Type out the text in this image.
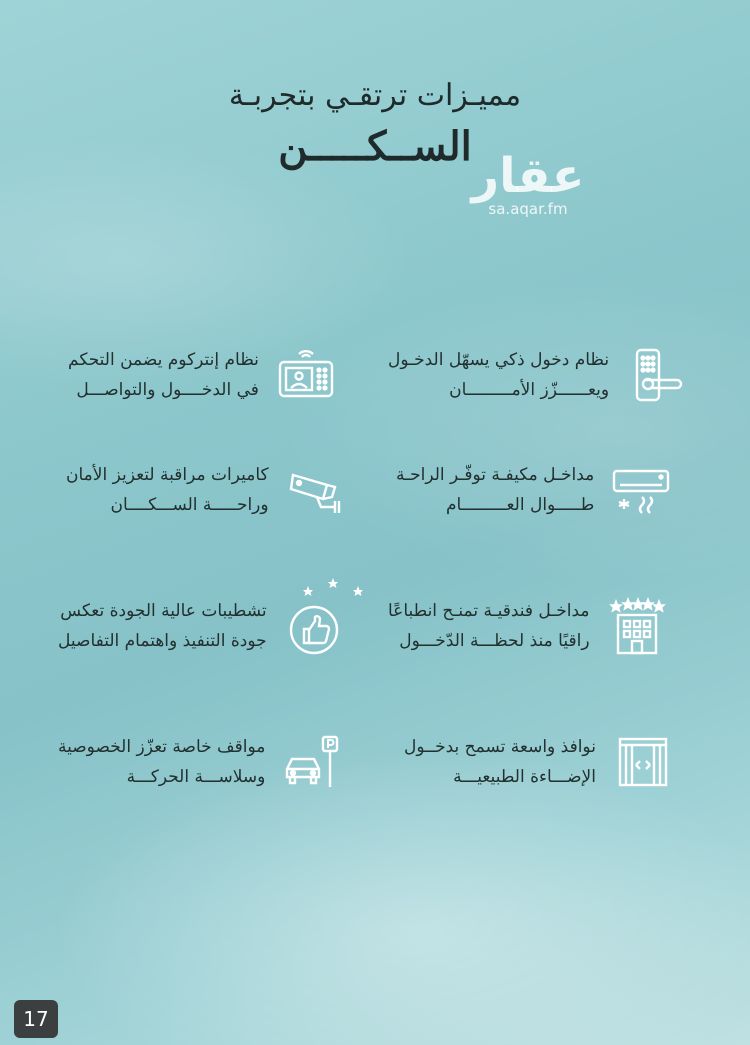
مميـزات ترتقـي بتجربـة
الســكـــــن
عقار
sa.aqar.fm
نظام دخول ذكي يسهّل الدخـول
ويعــــــزّز الأمـــــــــان
نظام إنتركوم يضمن التحكم
في الدخــــول والتواصـــل
مداخـل مكيفـة توفّـر الراحـة
طـــــوال العـــــــــام
كاميرات مراقبة لتعزيز الأمان
وراحـــــة الســـكــــان
مداخـل فندقيـة تمنـح انطباعًا
راقيًا منذ لحظـــة الدّخـــول
تشطيبات عالية الجودة تعكس
جودة التنفيذ واهتمام التفاصيل
نوافذ واسعة تسمح بدخــول
الإضـــاءة الطبيعيـــة
مواقف خاصة تعزّز الخصوصية
وسلاســـة الحركـــة
17
